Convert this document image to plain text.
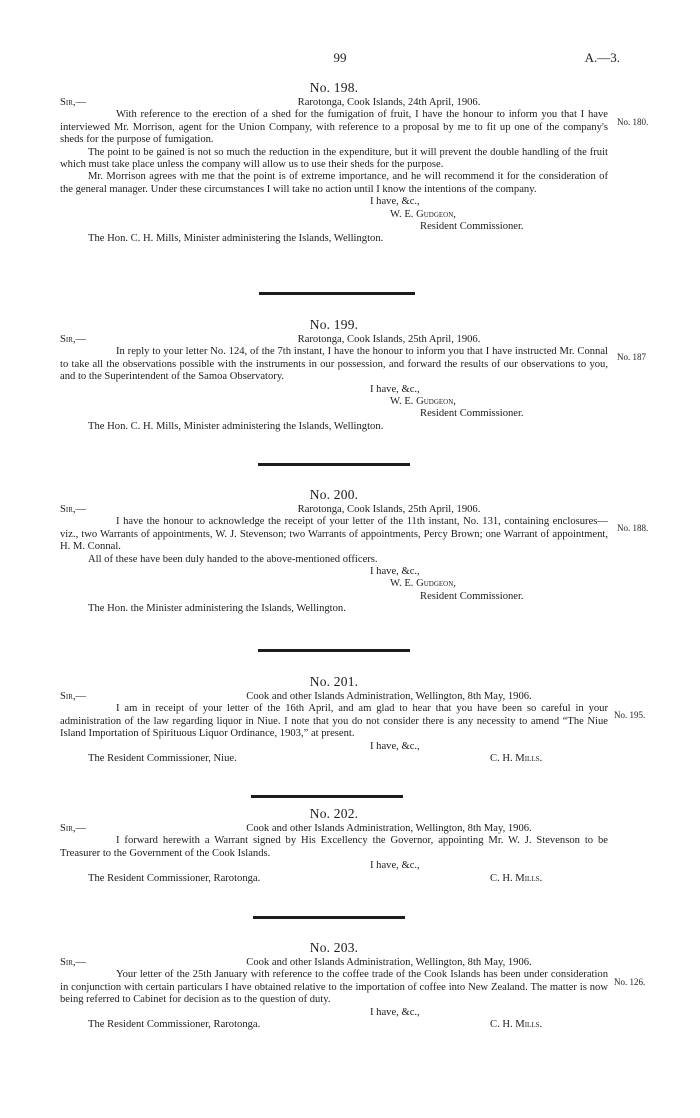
99	A.—3.
No. 198.
Sir,—	Rarotonga, Cook Islands, 24th April, 1906.

With reference to the erection of a shed for the fumigation of fruit, I have the honour to inform you that I have interviewed Mr. Morrison, agent for the Union Company, with reference to a proposal by me to fit up one of the company's sheds for the purpose of fumigation.

The point to be gained is not so much the reduction in the expenditure, but it will prevent the double handling of the fruit which must take place unless the company will allow us to use their sheds for the purpose.

Mr. Morrison agrees with me that the point is of extreme importance, and he will recommend it for the consideration of the general manager. Under these circumstances I will take no action until I know the intentions of the company.

I have, &c.,

W. E. Gudgeon,

Resident Commissioner.

The Hon. C. H. Mills, Minister administering the Islands, Wellington.

No. 180.
No. 199.
Sir,—	Rarotonga, Cook Islands, 25th April, 1906.

In reply to your letter No. 124, of the 7th instant, I have the honour to inform you that I have instructed Mr. Connal to take all the observations possible with the instruments in our possession, and forward the results of our observations to you, and to the Superintendent of the Samoa Observatory.

I have, &c.,

W. E. Gudgeon,

Resident Commissioner.

The Hon. C. H. Mills, Minister administering the Islands, Wellington.

No. 187
No. 200.
Sir,—	Rarotonga, Cook Islands, 25th April, 1906.

I have the honour to acknowledge the receipt of your letter of the 11th instant, No. 131, containing enclosures—viz., two Warrants of appointments, W. J. Stevenson; two Warrants of appointments, Percy Brown; one Warrant of appointment, H. M. Connal.

All of these have been duly handed to the above-mentioned officers.

I have, &c.,

W. E. Gudgeon,

Resident Commissioner.

The Hon. the Minister administering the Islands, Wellington.

No. 188.
No. 201.
Sir,—	Cook and other Islands Administration, Wellington, 8th May, 1906.

I am in receipt of your letter of the 16th April, and am glad to hear that you have been so careful in your administration of the law regarding liquor in Niue. I note that you do not consider there is any necessity to amend “The Niue Island Importation of Spirituous Liquor Ordinance, 1903,” at present.

I have, &c.,

The Resident Commissioner, Niue.	C. H. Mills.
No. 195.
No. 202.
Sir,—	Cook and other Islands Administration, Wellington, 8th May, 1906.

I forward herewith a Warrant signed by His Excellency the Governor, appointing Mr. W. J. Stevenson to be Treasurer to the Government of the Cook Islands.

I have, &c.,

The Resident Commissioner, Rarotonga.	C. H. Mills.
No. 203.
Sir,—	Cook and other Islands Administration, Wellington, 8th May, 1906.

Your letter of the 25th January with reference to the coffee trade of the Cook Islands has been under consideration in conjunction with certain particulars I have obtained relative to the importation of coffee into New Zealand. The matter is now being referred to Cabinet for decision as to the question of duty.

I have, &c.,

The Resident Commissioner, Rarotonga.	C. H. Mills.
No. 126.
